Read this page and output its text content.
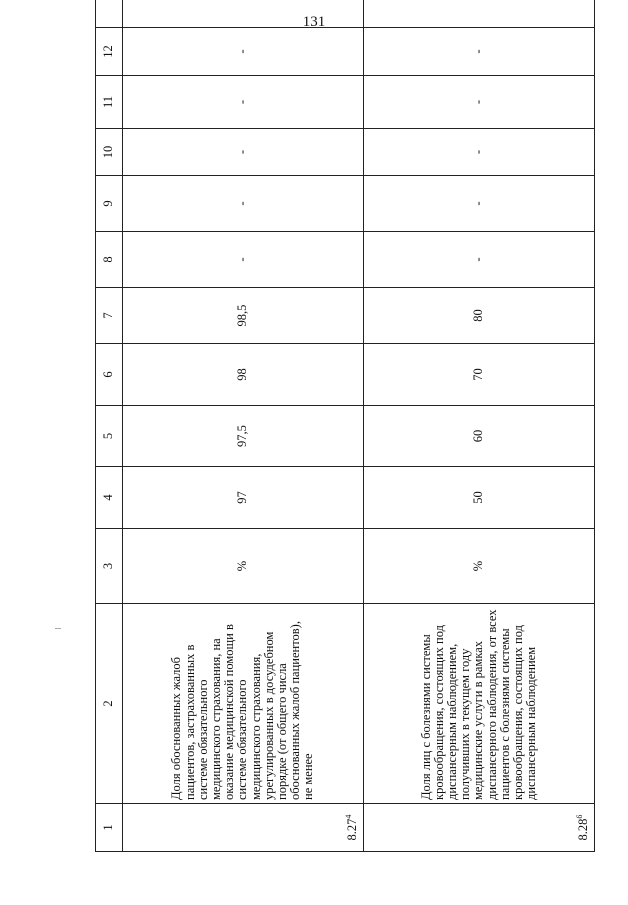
131
1	2	3	4	5	6	7	8	9	10	11	12	
8.27$^4$	Доля обоснованных жалоб пациентов, застрахованных в системе обязательного медицинского страхования, на оказание медицинской помощи в системе обязательного медицинского страхования, урегулированных в досудебном порядке (от общего числа обоснованных жалоб пациентов), не менее	%	97	97,5	98	98,5	-	-	-	-	-	
8.28$^6$	Доля лиц с болезнями системы кровообращения, состоящих под диспансерным наблюдением, получивших в текущем году медицинские услуги в рамках диспансерного наблюдения, от всех пациентов с болезнями системы кровообращения, состоящих под диспансерным наблюдением	%	50	60	70	80	-	-	-	-	-	
